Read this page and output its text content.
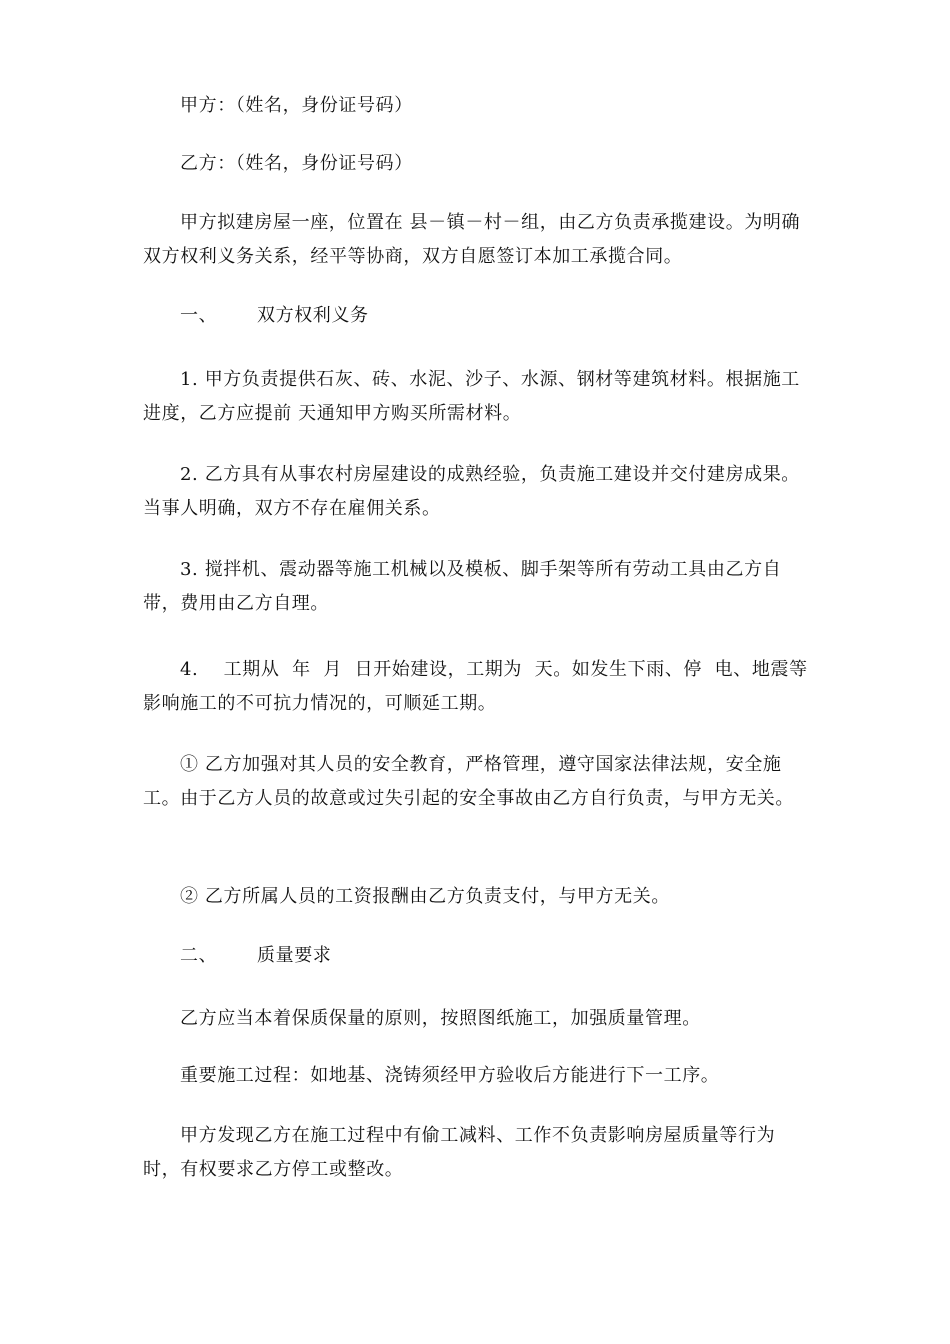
甲方：（姓名，身份证号码）
乙方：（姓名，身份证号码）
甲方拟建房屋一座，位置在 县－镇－村－组，由乙方负责承揽建设。为明确双方权利义务关系，经平等协商，双方自愿签订本加工承揽合同。
一、 双方权利义务
1. 甲方负责提供石灰、砖、水泥、沙子、水源、钢材等建筑材料。根据施工进度，乙方应提前 天通知甲方购买所需材料。
2. 乙方具有从事农村房屋建设的成熟经验，负责施工建设并交付建房成果。当事人明确，双方不存在雇佣关系。
3. 搅拌机、震动器等施工机械以及模板、脚手架等所有劳动工具由乙方自带，费用由乙方自理。
4.    工期从  年  月  日开始建设，工期为  天。如发生下雨、停  电、地震等影响施工的不可抗力情况的，可顺延工期。
① 乙方加强对其人员的安全教育，严格管理，遵守国家法律法规，安全施工。由于乙方人员的故意或过失引起的安全事故由乙方自行负责，与甲方无关。
② 乙方所属人员的工资报酬由乙方负责支付，与甲方无关。
二、 质量要求
乙方应当本着保质保量的原则，按照图纸施工，加强质量管理。
重要施工过程：如地基、浇铸须经甲方验收后方能进行下一工序。
甲方发现乙方在施工过程中有偷工减料、工作不负责影响房屋质量等行为时，有权要求乙方停工或整改。
